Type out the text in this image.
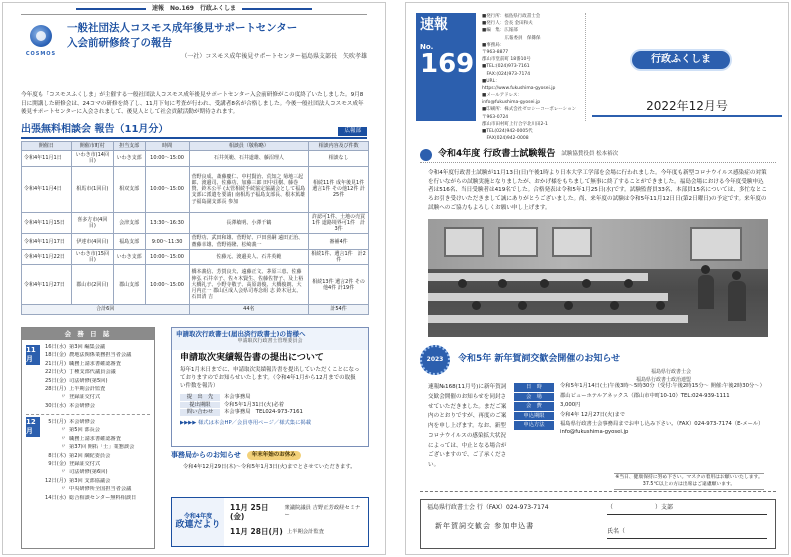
速報　No.169　行政ふくしま
COSMOS
一般社団法人コスモス成年後見サポートセンター
入会前研修終了の報告
（一社）コスモス成年後見サポートセンター福島県支部長　矢吹孝雄

今年度も「コスモスふくしま」が主催する一般社団法人コスモス成年後見サポートセンター入会前研修がこの度終了いたしました。9月8日に開講した研修会は、24コマの研修を終了し、11月下旬に考査が行われ、受講者8名が合格しました。今後一般社団法人コスモス成年後見サポートセンターに入会されまして、後見人として社会貢献活動が期待されます。

出張無料相談会 報告（11月分）	広報部
開催日	開催市町村	担当支部	時間	相談員（敬称略）	相談内容及び件数
令和4年11月1日	いわき市(14回目)	いわき支部	10:00～15:00	石井英範、石井道雄、藤沼理人	相談なし
令和4年11月4日	相馬市(1回目)	相双支部	10:00～15:00	菅野良成、斎藤慶仁、中村賢治、荒知之 菊地三起郎、渡邊司、佐藤功、加藤三郎 田中荘樹、藤巻賛、鈴木公平 (太管相続手続協定協議会として福島支部に派遣を要請) 南相馬子福島支部長、根本篤雄子福島副支部長 参加	相続11件 成年後見1件 遺言1件 その他12件 計25件
令和4年11月15日	喜多方市(4回目)	会津支部	13:30～16:30	長澤敏明、小澤千鶴	許認可1件、土地の売買1件 道路境界可1件　計3件
令和4年11月17日	伊達市(4回目)	福島支部	9:00～11:30	菅野功、武田和雄、菅野好、戸田喜嗣 遠田正治、齋藤幸雄、菅野裕隆、松崎義一	審補4件
令和4年11月22日	いわき市(15回目)	いわき支部	10:00～15:00	佐藤元、渡邊美人、石井英範	相続1件、遺言1件　計2件
令和4年11月27日	郡山市(2回目)	郡山支部	10:00～15:00	橋本義信、芳賀良夫、遠藤正文、茅原三恵、佐藤伸弘 石井幸子、佐々木賢生、佐藤佐智子、及上裕 大橋礼子、小野寺敬子、高原壽俊、大橋俊朗、大月内正一 郡山区成人会県司専念組 志 鈴木冠太、石田清 吉	相続13件 遺言2件 その他4件 計19件
合計6回				44名	計54件
会 務 日 誌
11月
16日(水) 第3回 編集会議
18日(金) 農地法関係業務担当者会議
21日(月) 職務上請求書確認審査
22日(火) 丁種支部代議員会議
25日(金) 司法研修(第5回)
28日(月) 上半期会計監査
〃 登録証交付式
30日(水) 本会研修会
12月
5日(月) 本会研修会
〃 第5回 部長会
〃 職務上請求書確認審査
〃 第37回 開拓「士」業懇談会
8日(木) 第2回 綱紀委員会
9日(金) 登録証交付式
〃 司法研修(第6回)
12日(月) 第3回 支部協議会
〃 中央研修所全国担当者会議
14日(水) 総合相談センター無料相談日
申請取次行政書士(届出済行政書士)の皆様へ
申請取次行政書士管理委員会
申請取次実績報告書の提出について
毎年1月末日までに、申請取次実績報告書を提出していただくことになっておりますのでお知らせいたします。（令和4年1月から12月までの取扱い件数を報告）
提　出　先	本会事務局
提出期限	令和5年1月31日(火)必着
問い合わせ	本会事務局　TEL024-973-7161
▶▶▶▶ 様式は本会HP／会員専用ページ／様式集に掲載
事務局からのお知らせ	年末年始のお休み
令和4年12月29日(木)～令和5年1月3日(火)までとさせていただきます。
令和4年度
政連だより
11月 25日(金)
衆議院議員 吉野正芳政経セミナー
11月 28日(月) 上半期会計監査
速報
No.
169
■発行所：福島県行政書士会
■発行人：会長 金田和夫
■編　集：広報部
　　　　　広報委員　保篠保
■事務局：
〒963-8877
郡山市堂前町 18番10号
■TEL:(024)973-7161
　FAX:(024)973-7174
■URL：
https://www.fukushima-gyosei.jp
■メールアドレス：
info@fukushima-gyosei.jp
■印刷所：株式会社ゼロシーコーポレーション
〒963-0724
郡山市田村町上行合字北川田2-1
■TEL(024)942-0005代
　FAX(024)942-0008
行政ふくしま
2022年12月号
令和4年度 行政書士試験報告 試験協賛役員 松本裕次

令和4年度行政書士試験が11月13日(日)午後1時より日本大学工学部を会場に行われました。今年度も新型コロナウイルス感染症の対策を行いながらの試験実施となりましたが、おかげ様をもちまして無事に終了することができました。福島会場における今年度受験申込者は516名、当日受験者は419名でした。合格発表は令和5年1月25日(水)です。試験監督員33名、本部員15名については、多忙なところお引き受けいただきまして誠にありがとうございました。尚、来年度の試験は令和5年11月12日日(第2日曜日)の予定です。来年度の試験へのご協力もよろしくお願い申し上げます。

2023	令和5年 新年賀詞交歓会開催のお知らせ
福島県行政書士会
福島県行政書士政治連盟

速報№168(11月号)に新年賀詞交歓会開催のお知らせを同封させていただきました。まだご案内のとおりですが、再度のご案内を申し上げます。なお、新型コロナウイルスの感染拡大状況によっては、中止となる場合がございますので、ご了承ください。

日　時	令和5年1月14日(土)午後3時～5時30分（受付:午後2時15分～ 開催:午後2時30分～）
会　場	郡山ビューホテルアネックス（郡山市中町10-10）TEL:024-939-1111
会　費	3,000円
申込期限	令和4年 12月27日(火)まで
申込方法	福島県行政書士会事務局までお申し込み下さい。（FAX）024-973-7174（E-メール）info@fukushima-gyosei.jp
※当日、健康保持に努め下さい。マスクの着用はお願いいたします。37.5℃以上の方は出席はご遠慮願います。
福島県行政書士会 行（FAX）024-973-7174	（　　　　　　　）支部
新年賀詞交歓会 参加申込書
氏名（
